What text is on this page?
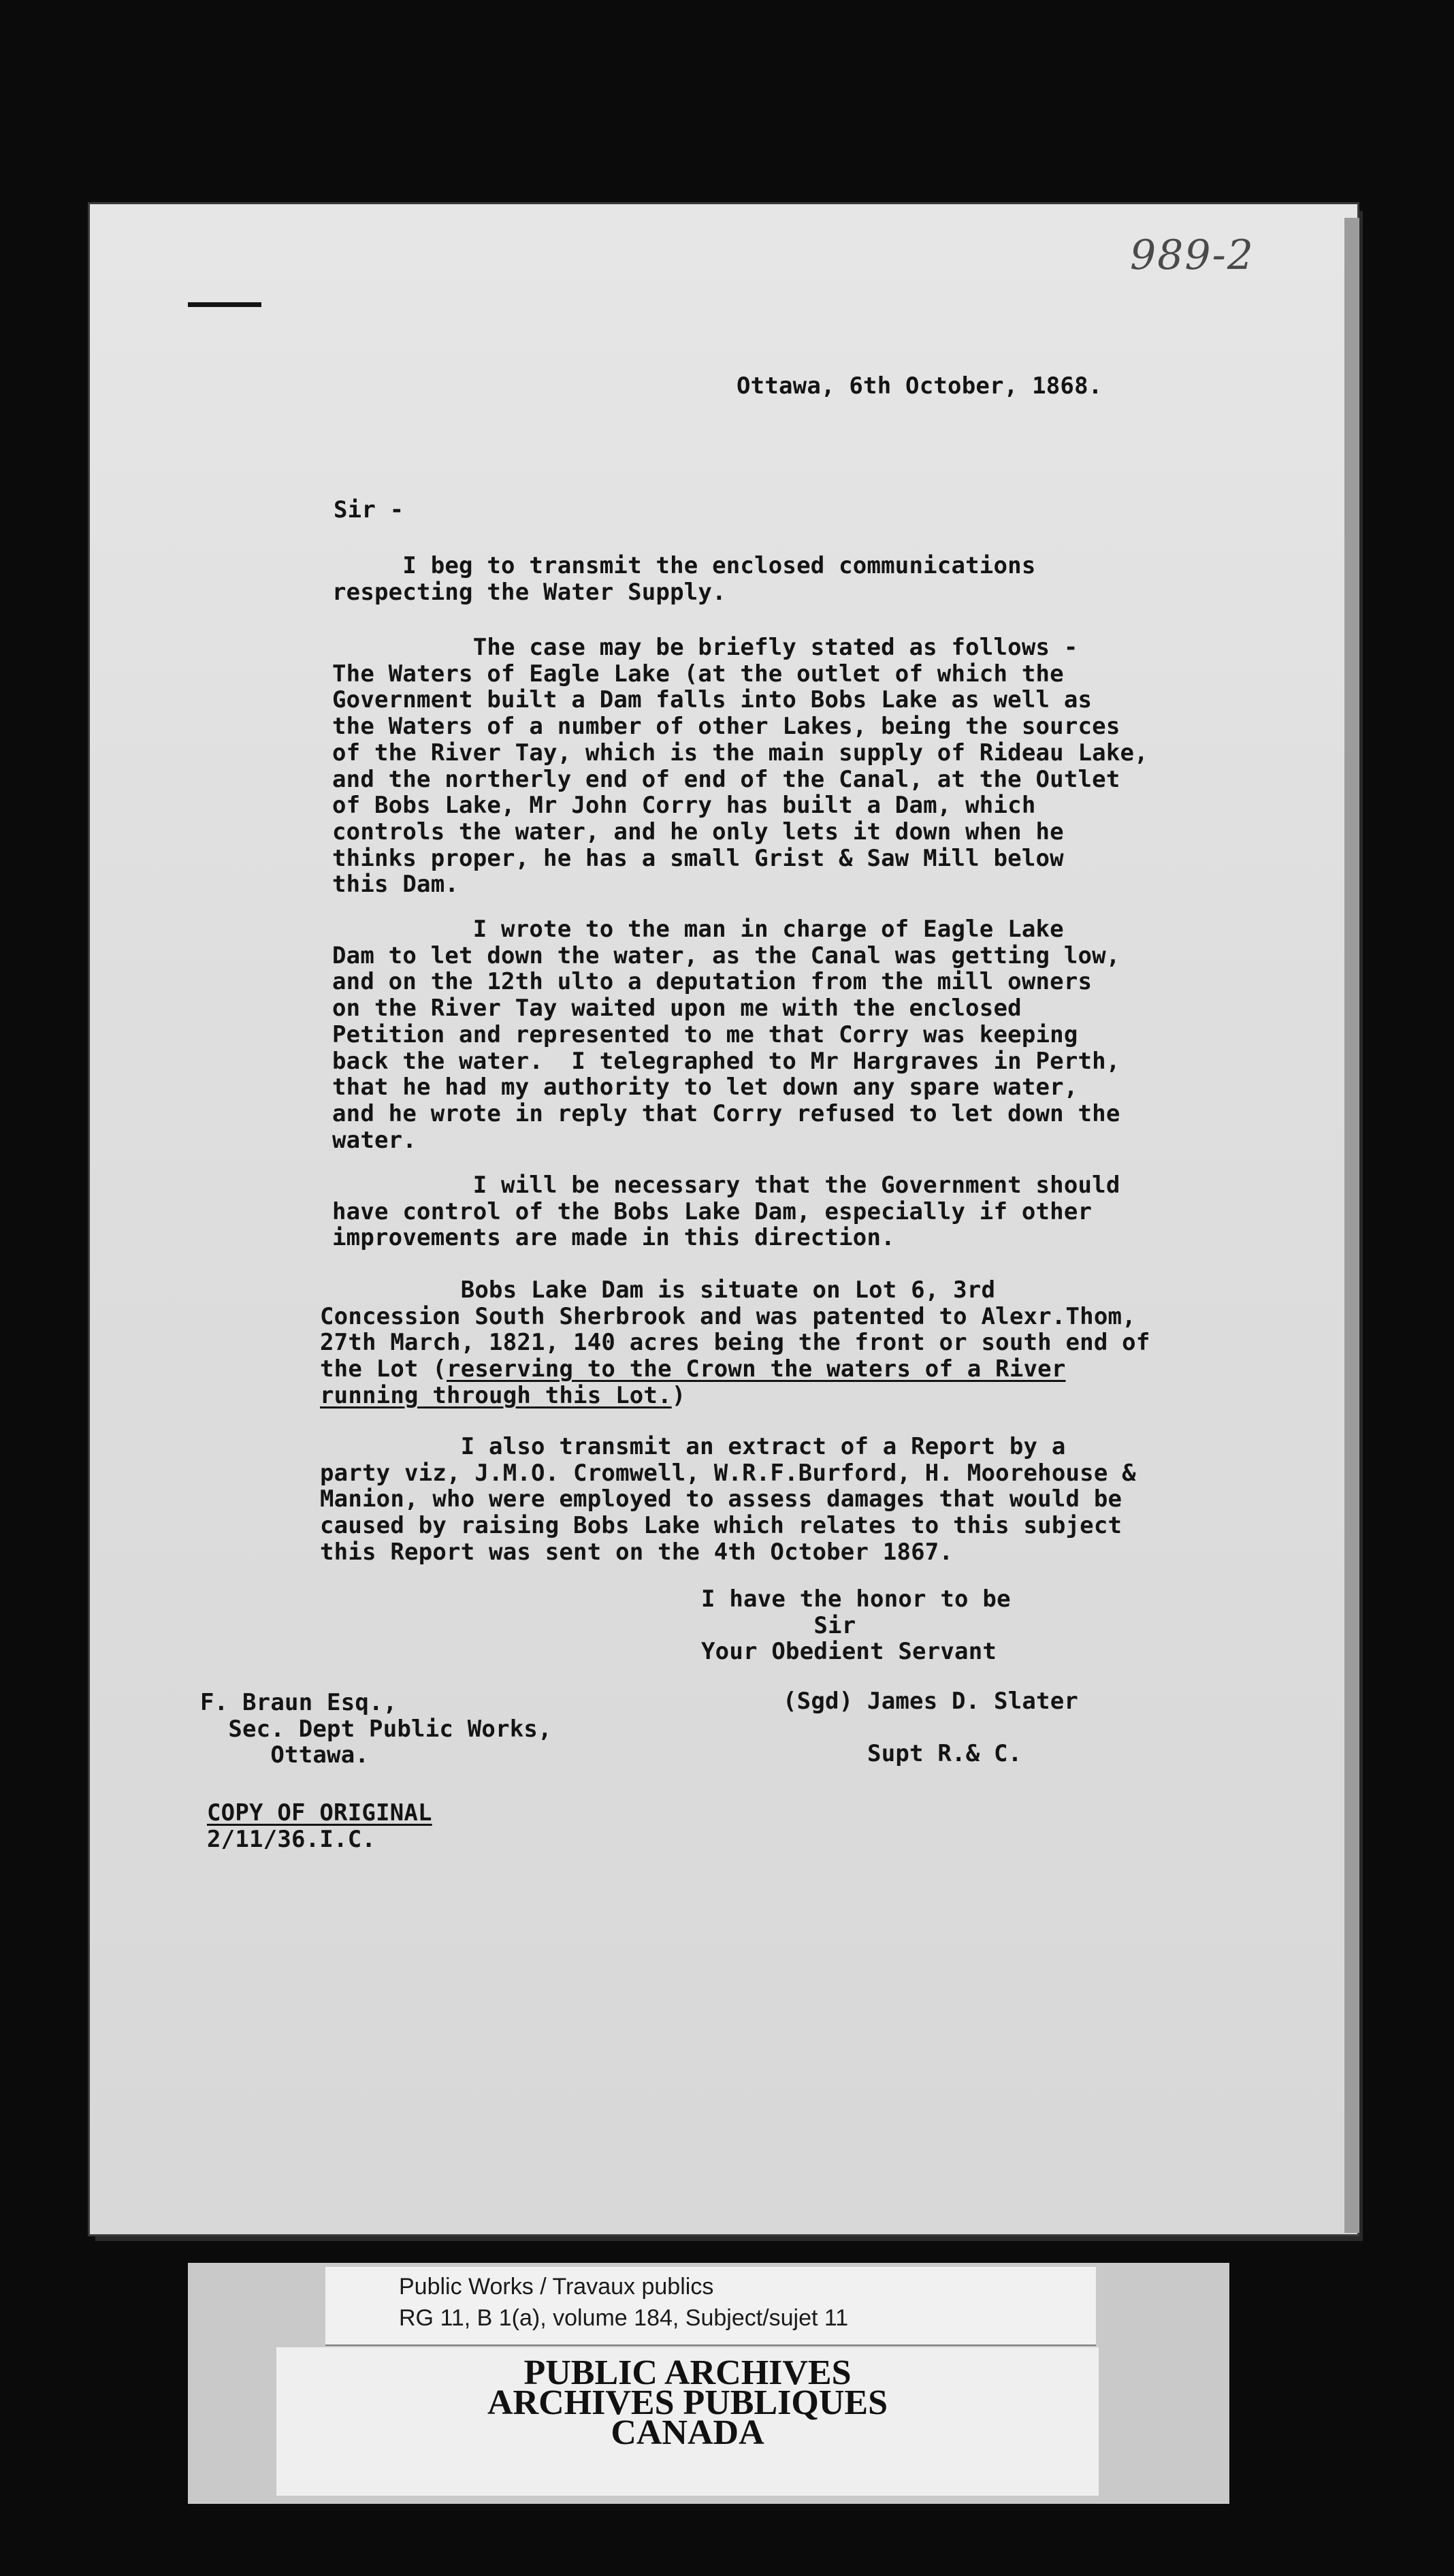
989-2
Ottawa, 6th October, 1868.
Sir -
I beg to transmit the enclosed communications
respecting the Water Supply.
The case may be briefly stated as follows -
The Waters of Eagle Lake (at the outlet of which the
Government built a Dam falls into Bobs Lake as well as
the Waters of a number of other Lakes, being the sources
of the River Tay, which is the main supply of Rideau Lake,
and the northerly end of end of the Canal, at the Outlet
of Bobs Lake, Mr John Corry has built a Dam, which
controls the water, and he only lets it down when he
thinks proper, he has a small Grist & Saw Mill below
this Dam.
I wrote to the man in charge of Eagle Lake
Dam to let down the water, as the Canal was getting low,
and on the 12th ulto a deputation from the mill owners
on the River Tay waited upon me with the enclosed
Petition and represented to me that Corry was keeping
back the water.  I telegraphed to Mr Hargraves in Perth,
that he had my authority to let down any spare water,
and he wrote in reply that Corry refused to let down the
water.
I will be necessary that the Government should
have control of the Bobs Lake Dam, especially if other
improvements are made in this direction.
Bobs Lake Dam is situate on Lot 6, 3rd
Concession South Sherbrook and was patented to Alexr.Thom,
27th March, 1821, 140 acres being the front or south end of
the Lot (reserving to the Crown the waters of a River
running through this Lot.)
I also transmit an extract of a Report by a
party viz, J.M.O. Cromwell, W.R.F.Burford, H. Moorehouse &
Manion, who were employed to assess damages that would be
caused by raising Bobs Lake which relates to this subject
this Report was sent on the 4th October 1867.
I have the honor to be
Sir
Your Obedient Servant
(Sgd) James D. Slater

Supt R.& C.
F. Braun Esq.,
Sec. Dept Public Works,
Ottawa.
COPY OF ORIGINAL
2/11/36.I.C.
Public Works / Travaux publics
RG 11, B 1(a), volume 184, Subject/sujet 11
PUBLIC ARCHIVES
ARCHIVES PUBLIQUES
CANADA
